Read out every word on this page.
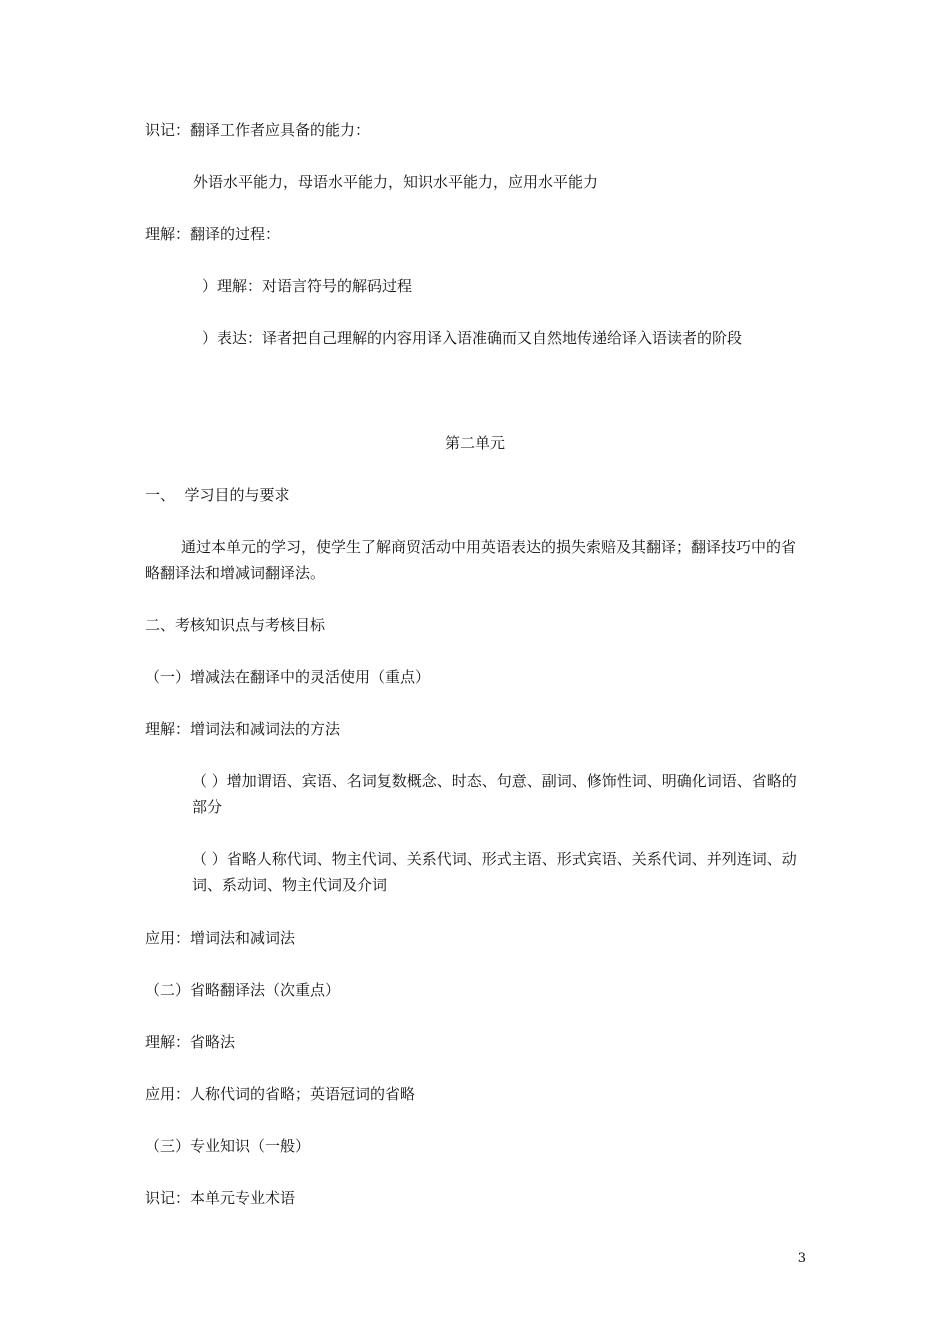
识记：翻译工作者应具备的能力：
外语水平能力，母语水平能力，知识水平能力，应用水平能力
理解：翻译的过程：
）理解：对语言符号的解码过程
）表达：译者把自己理解的内容用译入语准确而又自然地传递给译入语读者的阶段
第二单元
一、  学习目的与要求
通过本单元的学习，使学生了解商贸活动中用英语表达的损失索赔及其翻译；翻译技巧中的省略翻译法和增减词翻译法。
二、考核知识点与考核目标
（一）增减法在翻译中的灵活使用（重点）
理解：增词法和减词法的方法
（ ）增加谓语、宾语、名词复数概念、时态、句意、副词、修饰性词、明确化词语、省略的部分
（ ）省略人称代词、物主代词、关系代词、形式主语、形式宾语、关系代词、并列连词、动词、系动词、物主代词及介词
应用：增词法和减词法
（二）省略翻译法（次重点）
理解：省略法
应用：人称代词的省略；英语冠词的省略
（三）专业知识（一般）
识记：本单元专业术语
3
